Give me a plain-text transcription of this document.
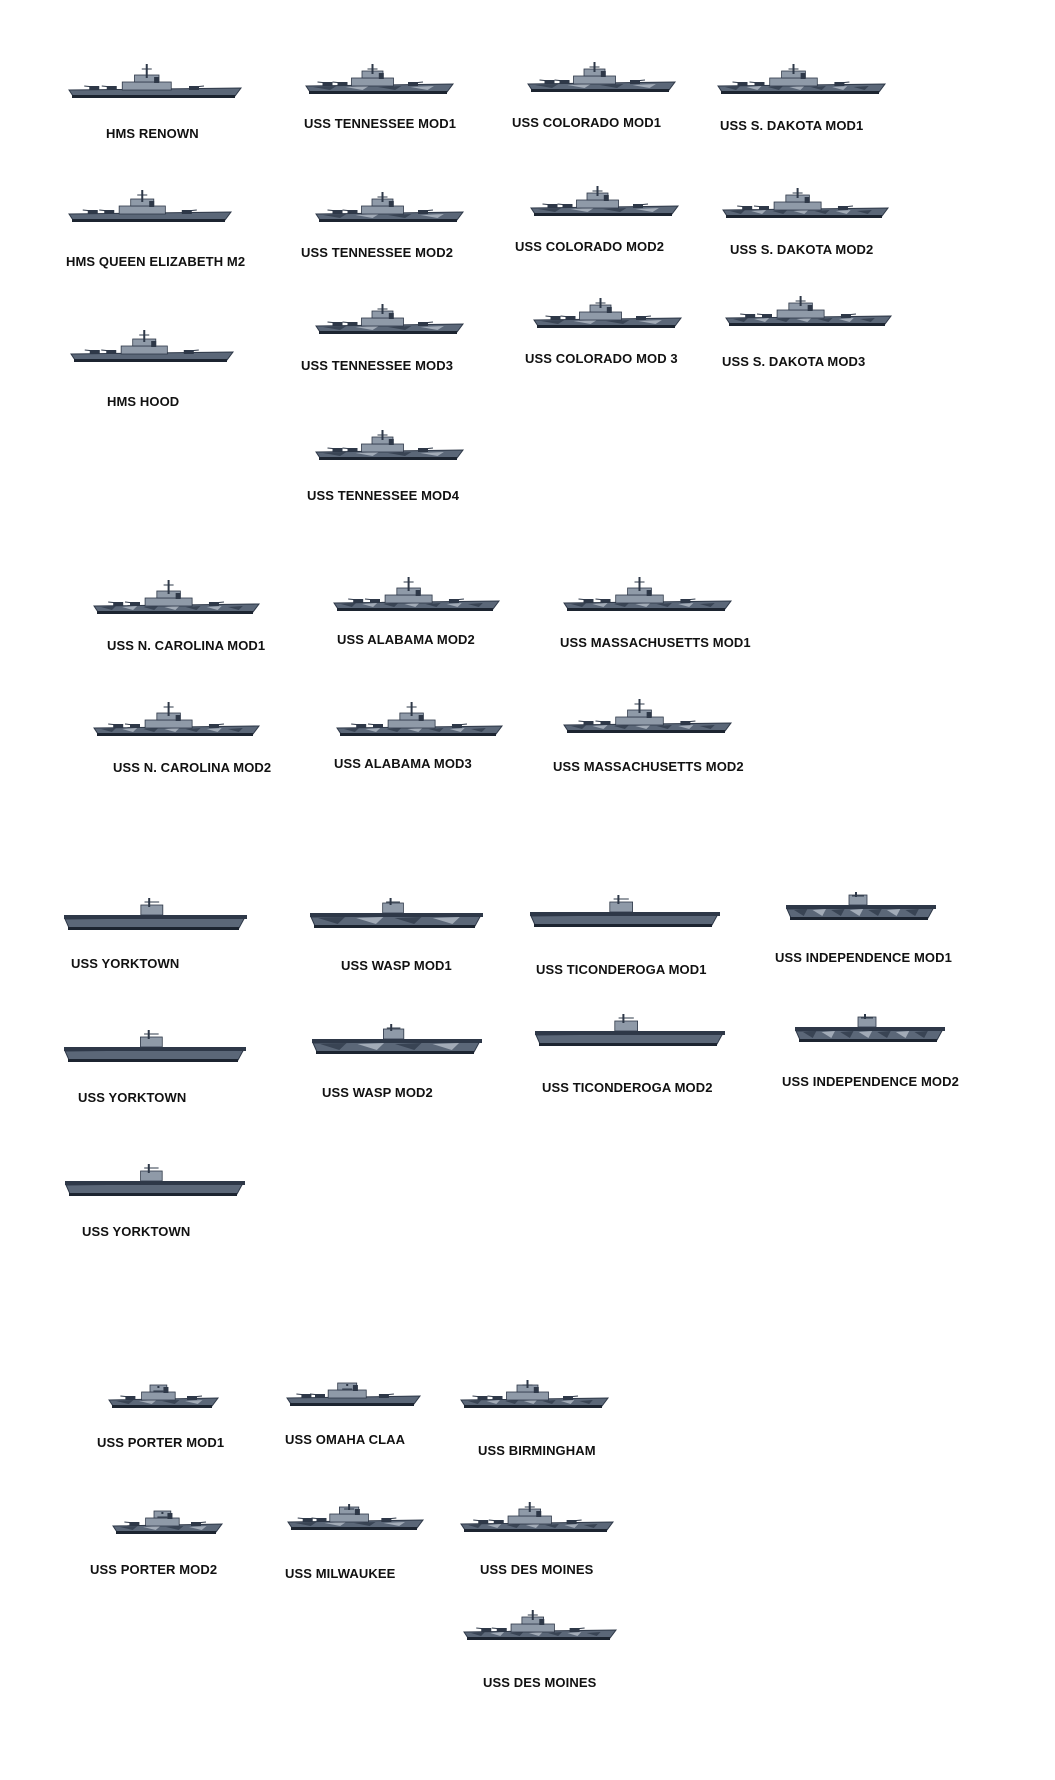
HMS RENOWN
HMS QUEEN ELIZABETH M2
HMS HOOD
USS TENNESSEE MOD1
USS TENNESSEE MOD2
USS TENNESSEE MOD3
USS TENNESSEE MOD4
USS COLORADO MOD1
USS COLORADO MOD2
USS COLORADO MOD 3
USS S. DAKOTA MOD1
USS S. DAKOTA MOD2
USS S. DAKOTA MOD3
USS N. CAROLINA MOD1
USS N. CAROLINA MOD2
USS ALABAMA MOD2
USS ALABAMA MOD3
USS MASSACHUSETTS MOD1
USS MASSACHUSETTS MOD2
USS YORKTOWN
USS YORKTOWN
USS YORKTOWN
USS WASP MOD1
USS WASP MOD2
USS TICONDEROGA MOD1
USS TICONDEROGA MOD2
USS INDEPENDENCE MOD1
USS INDEPENDENCE MOD2
USS PORTER MOD1
USS PORTER MOD2
USS OMAHA CLAA
USS MILWAUKEE
USS BIRMINGHAM
USS DES MOINES
USS DES MOINES
